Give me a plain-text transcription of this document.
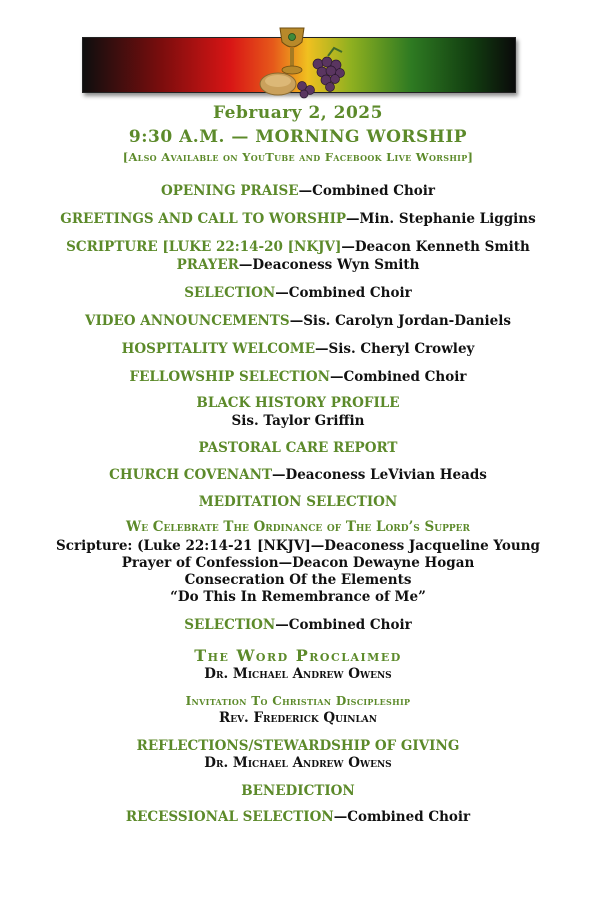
February 2, 2025
9:30 A.M. — MORNING WORSHIP
[Also Available on YouTube and Facebook Live Worship]
OPENING PRAISE—Combined Choir
GREETINGS AND CALL TO WORSHIP—Min. Stephanie Liggins
SCRIPTURE [LUKE 22:14-20 [NKJV]—Deacon Kenneth Smith
PRAYER—Deaconess Wyn Smith
SELECTION—Combined Choir
VIDEO ANNOUNCEMENTS—Sis. Carolyn Jordan-Daniels
HOSPITALITY WELCOME—Sis. Cheryl Crowley
FELLOWSHIP SELECTION—Combined Choir
BLACK HISTORY PROFILE
Sis. Taylor Griffin
PASTORAL CARE REPORT
CHURCH COVENANT—Deaconess LeVivian Heads
MEDITATION SELECTION
We Celebrate The Ordinance of The Lord’s Supper
Scripture: (Luke 22:14-21 [NKJV]—Deaconess Jacqueline Young
Prayer of Confession—Deacon Dewayne Hogan
Consecration Of the Elements
“Do This In Remembrance of Me”
SELECTION—Combined Choir
The Word Proclaimed
Dr. Michael Andrew Owens
Invitation To Christian Discipleship
Rev. Frederick Quinlan
REFLECTIONS/STEWARDSHIP OF GIVING
Dr. Michael Andrew Owens
BENEDICTION
RECESSIONAL SELECTION—Combined Choir
